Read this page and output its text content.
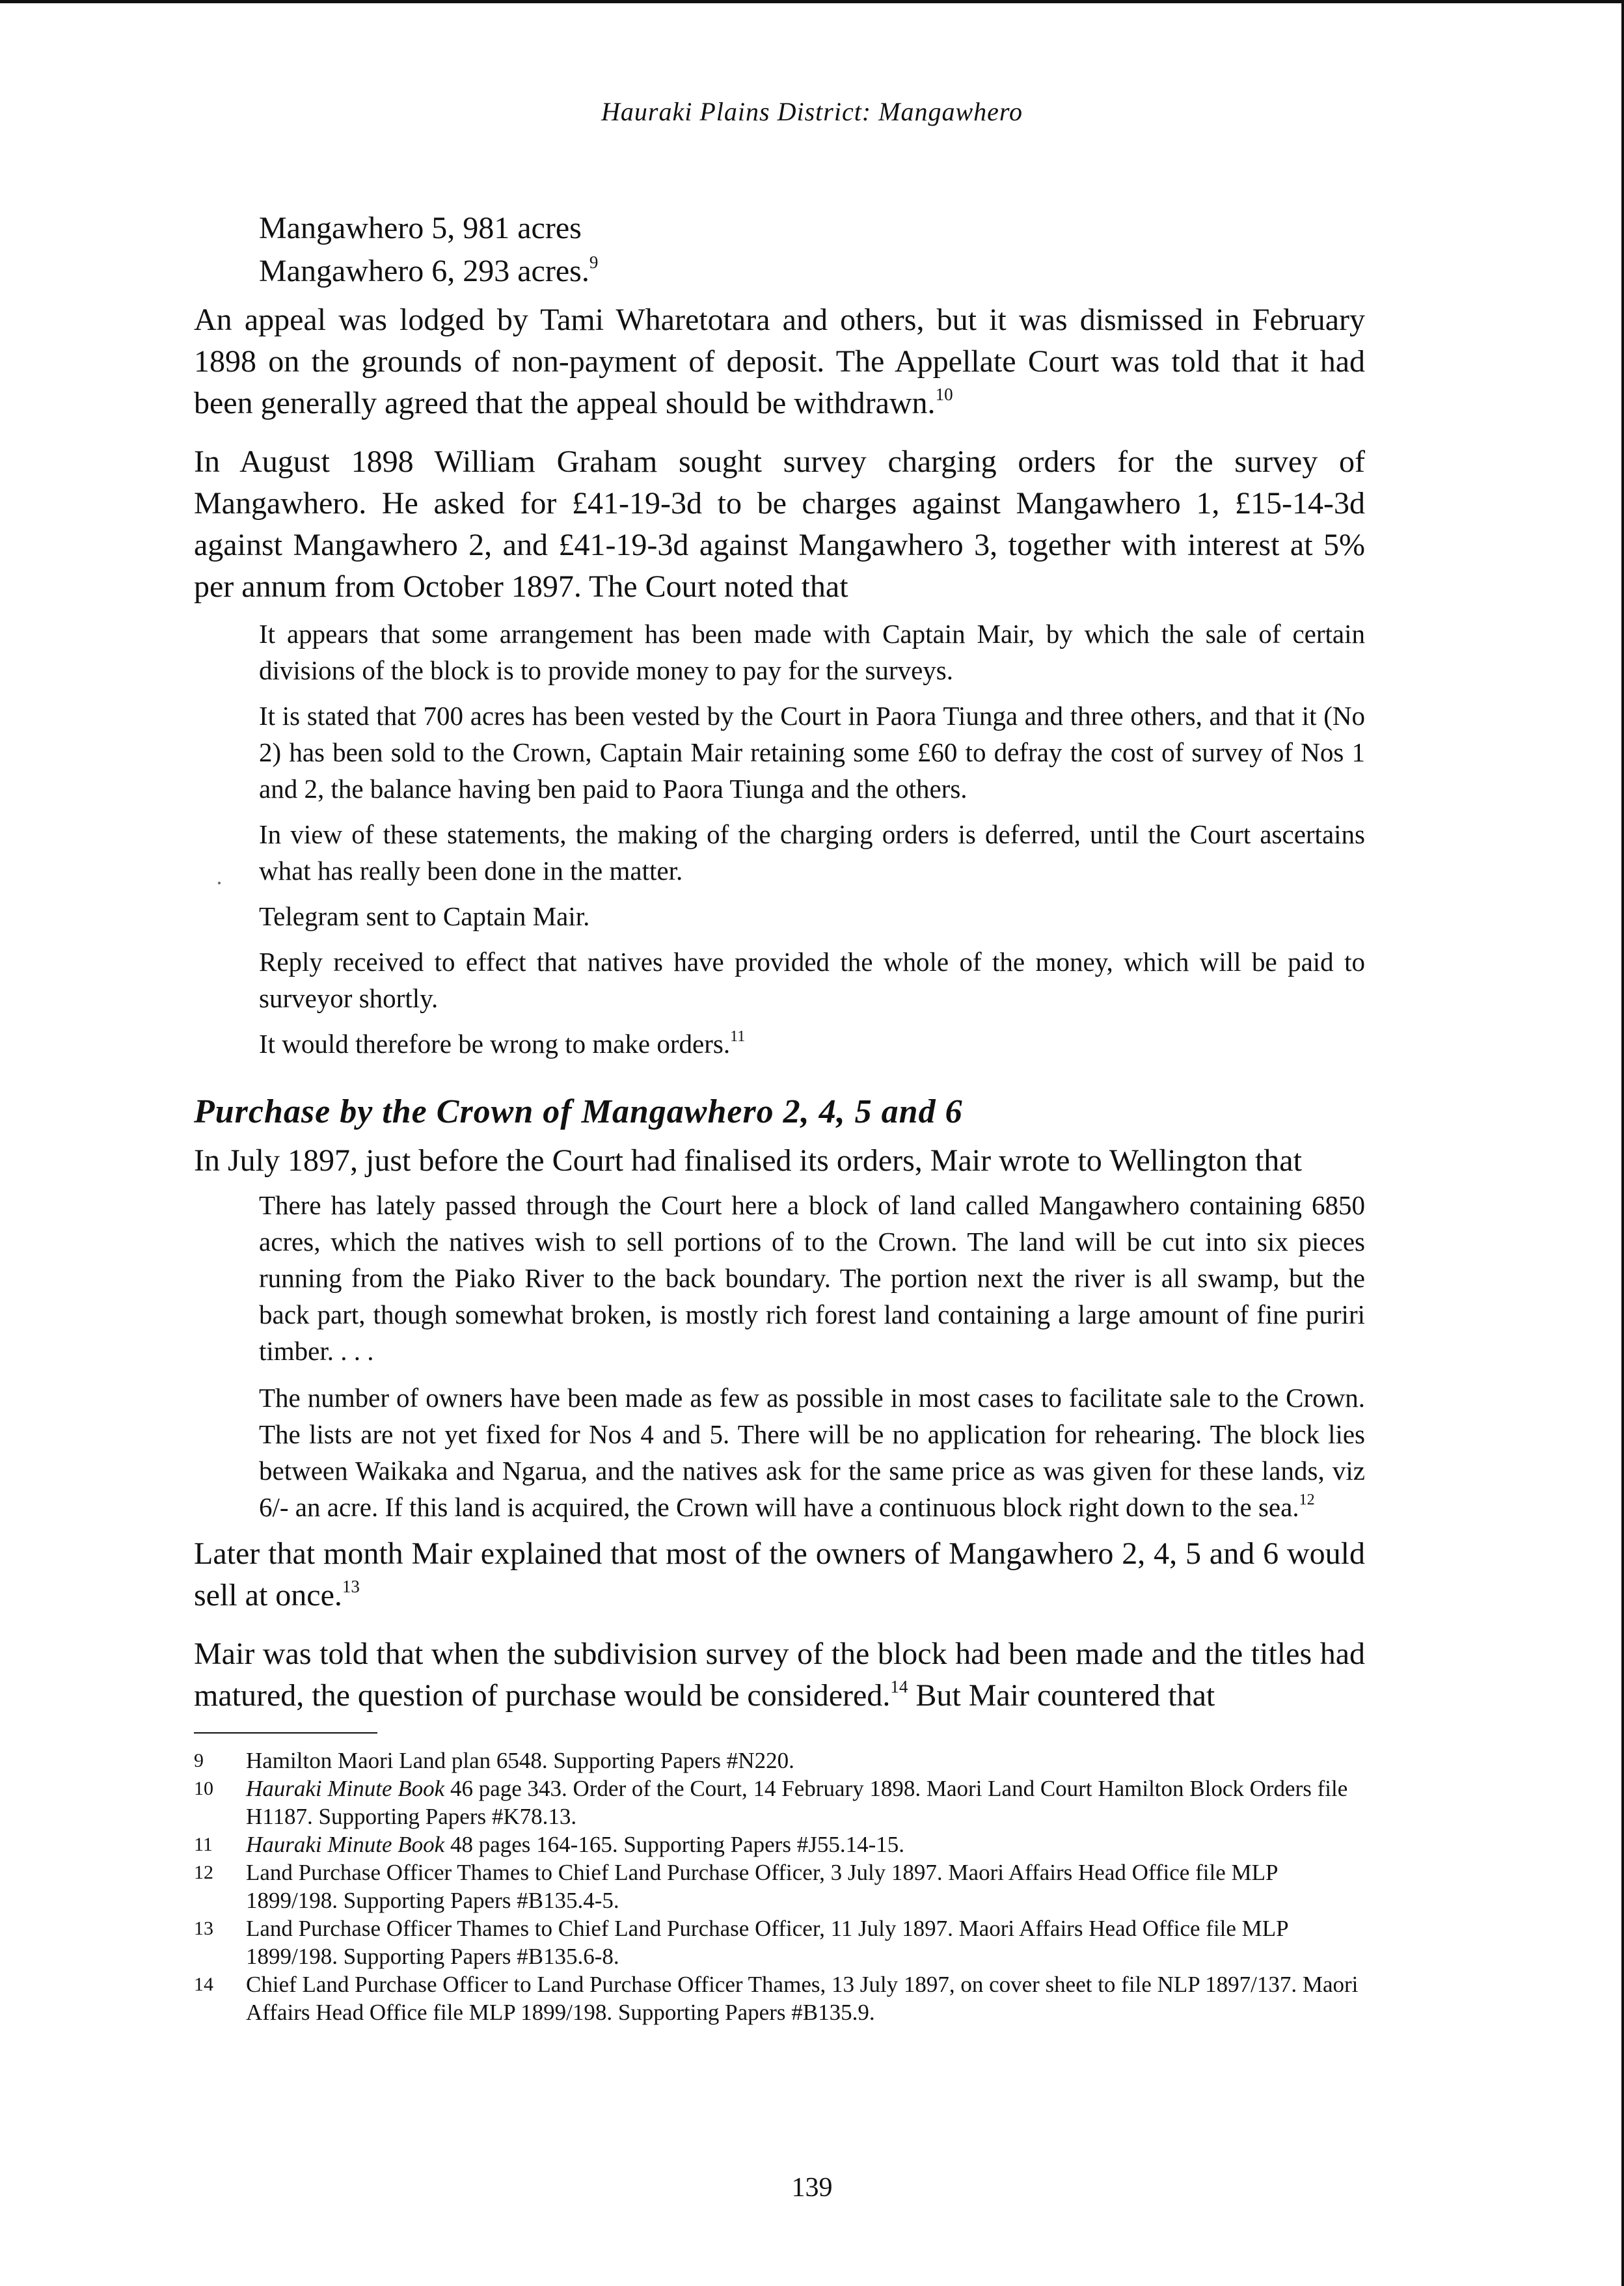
Hauraki Plains District: Mangawhero
Mangawhero 5, 981 acres
Mangawhero 6, 293 acres.$^9$

An appeal was lodged by Tami Wharetotara and others, but it was dismissed in February 1898 on the grounds of non-payment of deposit. The Appellate Court was told that it had been generally agreed that the appeal should be withdrawn.$^{10}$

In August 1898 William Graham sought survey charging orders for the survey of Mangawhero. He asked for £41-19-3d to be charges against Mangawhero 1, £15-14-3d against Mangawhero 2, and £41-19-3d against Mangawhero 3, together with interest at 5% per annum from October 1897. The Court noted that

It appears that some arrangement has been made with Captain Mair, by which the sale of certain divisions of the block is to provide money to pay for the surveys.

It is stated that 700 acres has been vested by the Court in Paora Tiunga and three others, and that it (No 2) has been sold to the Crown, Captain Mair retaining some £60 to defray the cost of survey of Nos 1 and 2, the balance having ben paid to Paora Tiunga and the others.

In view of these statements, the making of the charging orders is deferred, until the Court ascertains what has really been done in the matter.

Telegram sent to Captain Mair.

Reply received to effect that natives have provided the whole of the money, which will be paid to surveyor shortly.

It would therefore be wrong to make orders.$^{11}$

Purchase by the Crown of Mangawhero 2, 4, 5 and 6

In July 1897, just before the Court had finalised its orders, Mair wrote to Wellington that

There has lately passed through the Court here a block of land called Mangawhero containing 6850 acres, which the natives wish to sell portions of to the Crown. The land will be cut into six pieces running from the Piako River to the back boundary. The portion next the river is all swamp, but the back part, though somewhat broken, is mostly rich forest land containing a large amount of fine puriri timber. . . .

The number of owners have been made as few as possible in most cases to facilitate sale to the Crown. The lists are not yet fixed for Nos 4 and 5. There will be no application for rehearing. The block lies between Waikaka and Ngarua, and the natives ask for the same price as was given for these lands, viz 6/- an acre. If this land is acquired, the Crown will have a continuous block right down to the sea.$^{12}$

Later that month Mair explained that most of the owners of Mangawhero 2, 4, 5 and 6 would sell at once.$^{13}$

Mair was told that when the subdivision survey of the block had been made and the titles had matured, the question of purchase would be considered.$^{14}$ But Mair countered that

9	Hamilton Maori Land plan 6548. Supporting Papers #N220.
10	Hauraki Minute Book 46 page 343. Order of the Court, 14 February 1898. Maori Land Court Hamilton Block Orders file H1187. Supporting Papers #K78.13.
11	Hauraki Minute Book 48 pages 164-165. Supporting Papers #J55.14-15.
12	Land Purchase Officer Thames to Chief Land Purchase Officer, 3 July 1897. Maori Affairs Head Office file MLP 1899/198. Supporting Papers #B135.4-5.
13	Land Purchase Officer Thames to Chief Land Purchase Officer, 11 July 1897. Maori Affairs Head Office file MLP 1899/198. Supporting Papers #B135.6-8.
14	Chief Land Purchase Officer to Land Purchase Officer Thames, 13 July 1897, on cover sheet to file NLP 1897/137. Maori Affairs Head Office file MLP 1899/198. Supporting Papers #B135.9.
139
